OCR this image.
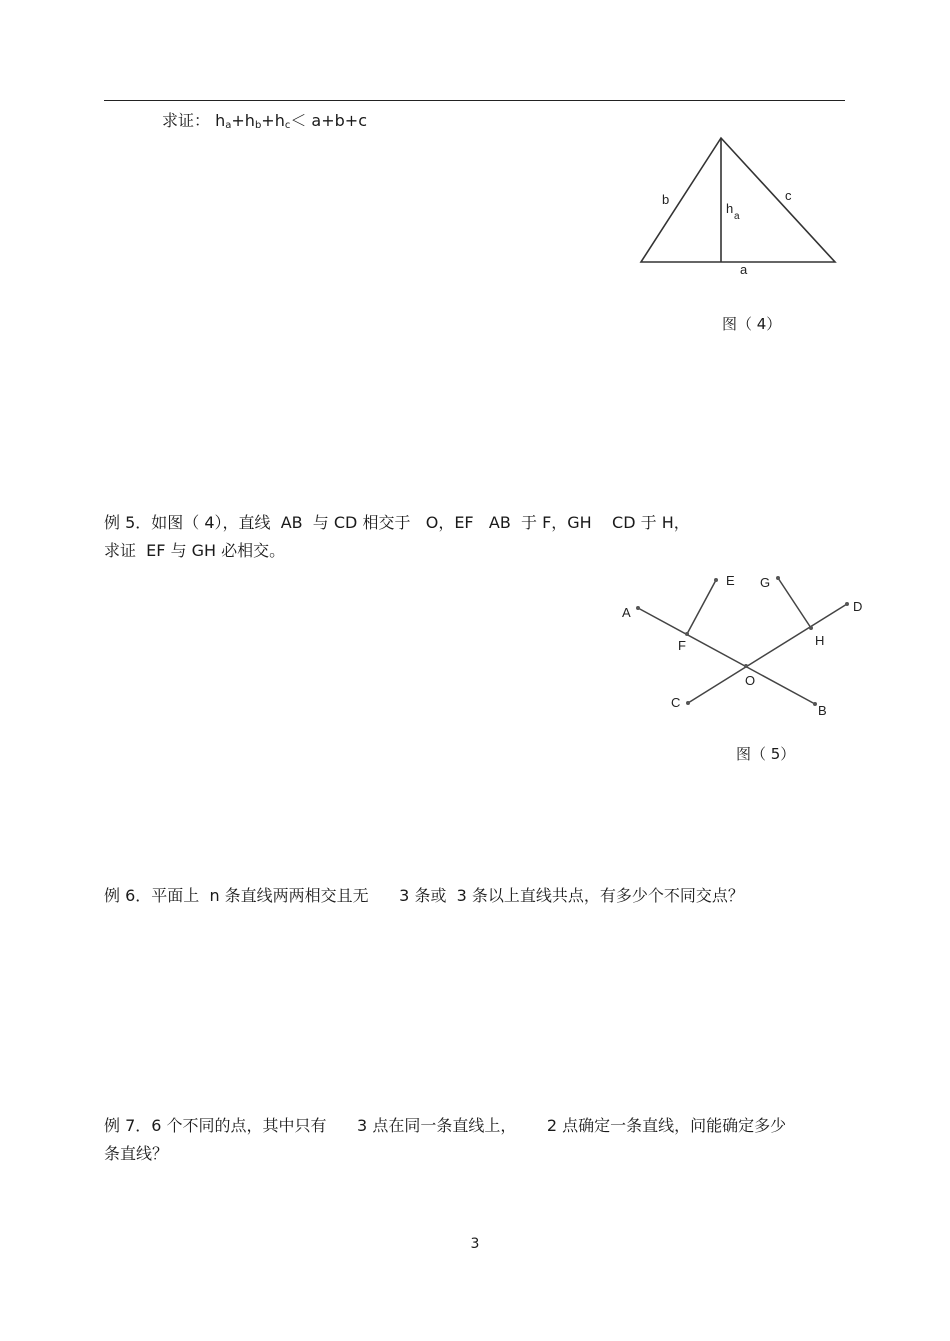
求证： $h_a+h_b+h_c< a+b+c$
b	c
h
a
a
图（ 4）
例 5．如图（ 4），直线  AB  与 CD 相交于   O，EF   AB  于 F，GH    CD 于 H，
求证  EF 与 GH 必相交。
A
B
C
D
E
F
G
H
O
图（ 5）
例 6．平面上  n 条直线两两相交且无      3 条或  3 条以上直线共点，有多少个不同交点？
例 7．6 个不同的点，其中只有      3 点在同一条直线上，      2 点确定一条直线，问能确定多少
条直线？
3
